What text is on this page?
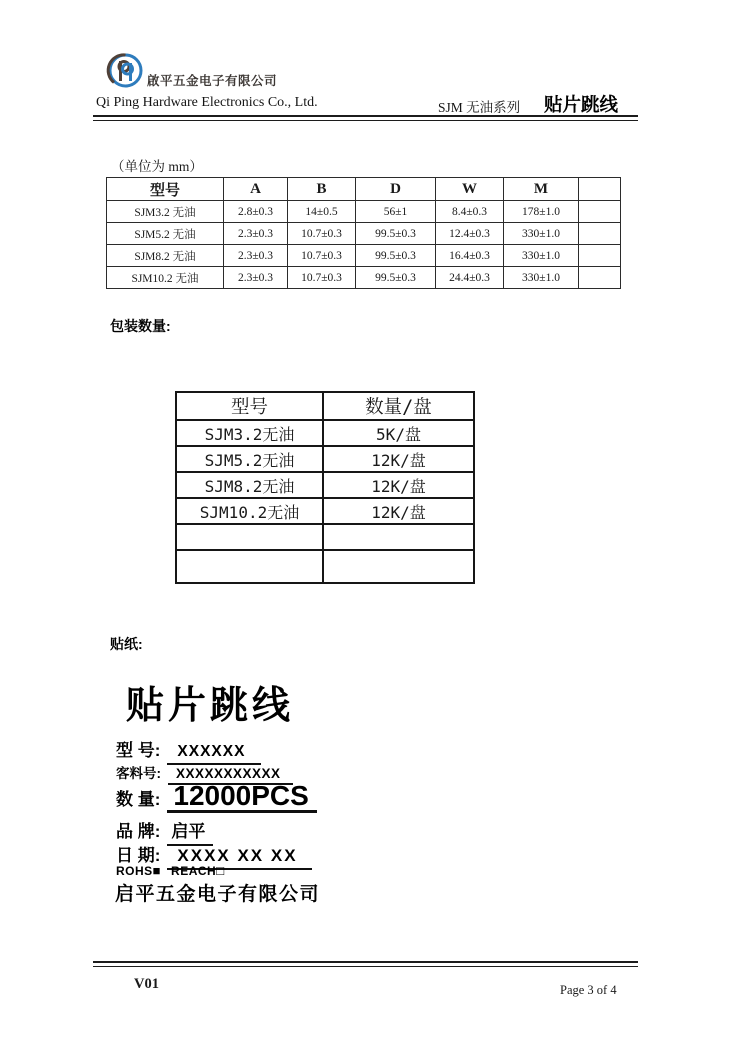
啟平五金电子有限公司
Qi Ping Hardware Electronics Co., Ltd.	SJM 无油系列 贴片跳线
（单位为 mm）
型号	A	B	D	W	M	
SJM3.2 无油	2.8±0.3	14±0.5	56±1	8.4±0.3	178±1.0	
SJM5.2 无油	2.3±0.3	10.7±0.3	99.5±0.3	12.4±0.3	330±1.0	
SJM8.2 无油	2.3±0.3	10.7±0.3	99.5±0.3	16.4±0.3	330±1.0	
SJM10.2 无油	2.3±0.3	10.7±0.3	99.5±0.3	24.4±0.3	330±1.0	
包装数量:
型号	数量/盘
SJM3.2无油	5K/盘
SJM5.2无油	12K/盘
SJM8.2无油	12K/盘
SJM10.2无油	12K/盘

贴纸:
贴片跳线
型 号:	XXXXXX
客料号:	XXXXXXXXXXX
数 量: 12000PCS
品 牌: 启平
日 期:	XXXX XX XX
ROHS■ REACH□
启平五金电子有限公司
V01	Page 3 of 4
